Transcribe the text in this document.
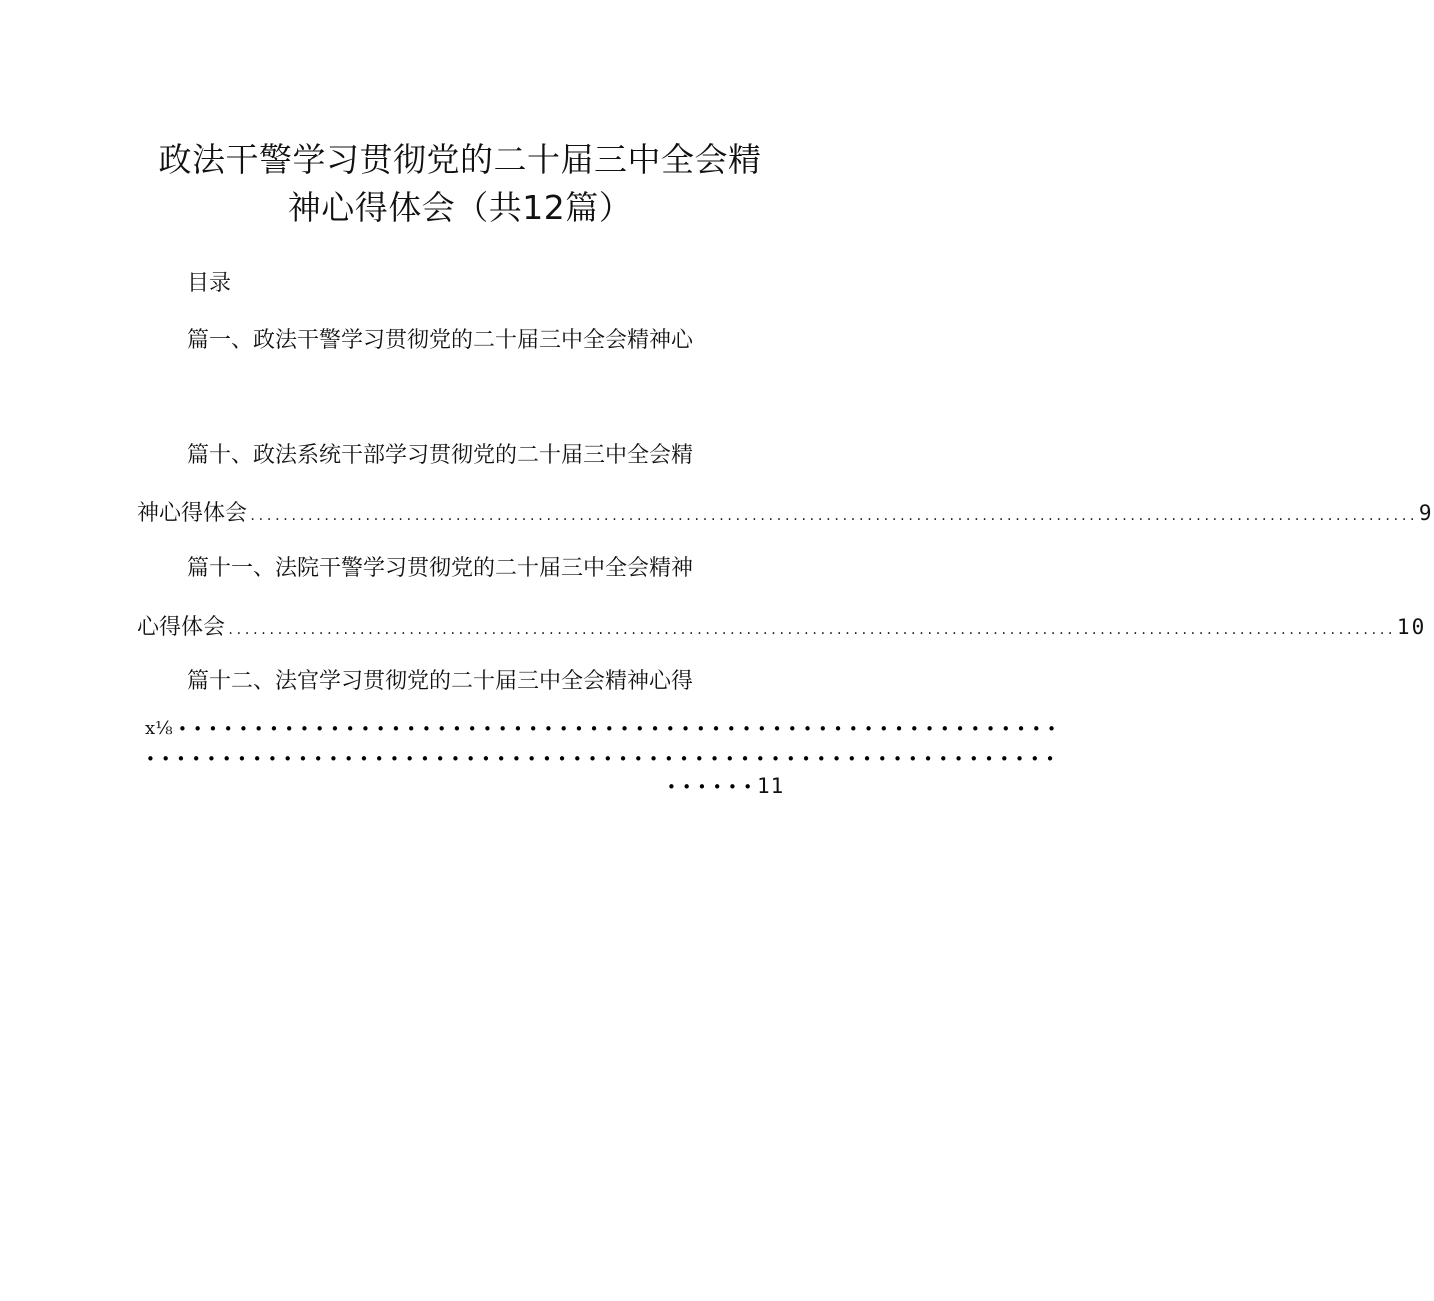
政法干警学习贯彻党的二十届三中全会精
神心得体会（共12篇）
目录
篇一、政法干警学习贯彻党的二十届三中全会精神心
篇十、政法系统干部学习贯彻党的二十届三中全会精
神心得体会 .............................................................................................................................................. 9
篇十一、法院干警学习贯彻党的二十届三中全会精神
心得体会 .............................................................................................................................................. 10
篇十二、法官学习贯彻党的二十届三中全会精神心得
x⅛ ••••••••••••••••••••••••••••••••••••••••••••••••••••••••••
••••••••••••••••••••••••••••••••••••••••••••••••••••••••••••
••••••
11
